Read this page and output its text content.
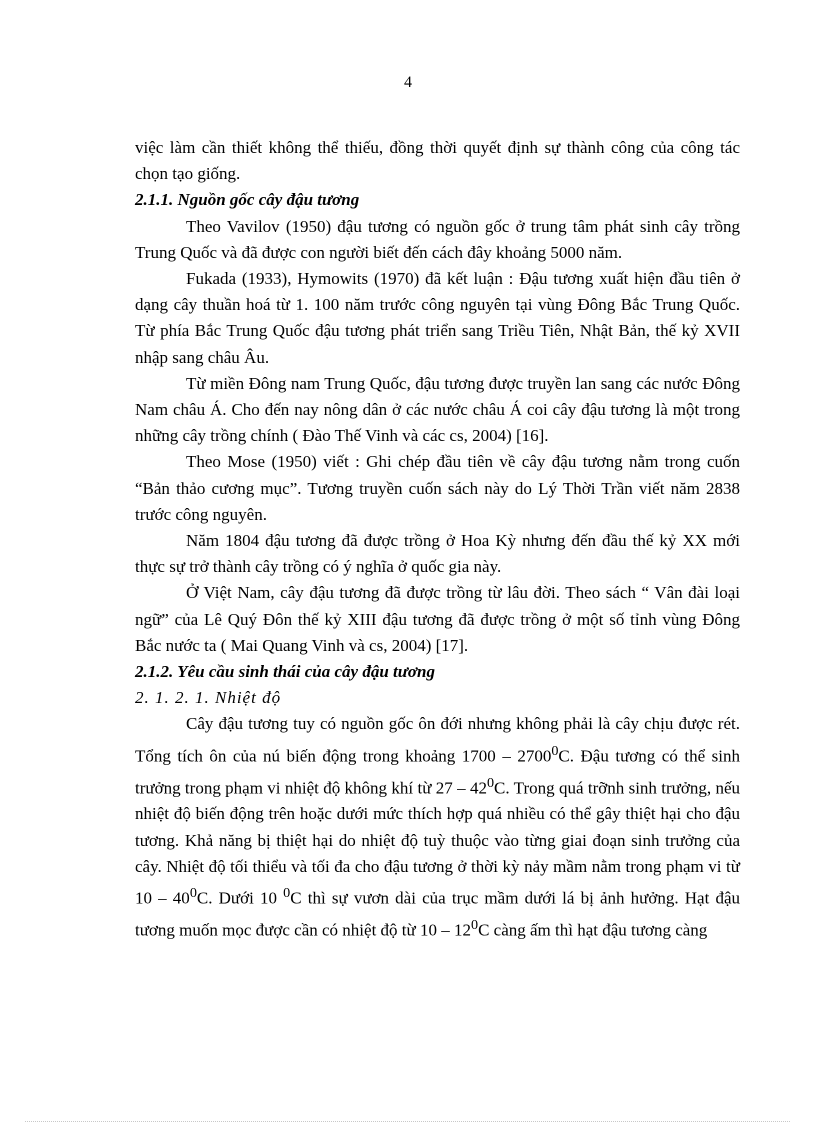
4

việc làm cần thiết không thể thiếu, đồng thời quyết định sự thành công của công tác chọn tạo giống.

2.1.1. Nguồn gốc cây đậu tương

Theo Vavilov (1950) đậu tương có nguồn gốc ở trung tâm phát sinh cây trồng Trung Quốc và đã được con người biết đến cách đây khoảng 5000 năm.

Fukada (1933), Hymowits (1970) đã kết luận : Đậu tương xuất hiện đầu tiên ở dạng cây thuần hoá từ 1. 100 năm trước công nguyên tại vùng Đông Bắc Trung Quốc. Từ phía Bắc Trung Quốc đậu tương phát triển sang Triều Tiên, Nhật Bản, thế kỷ XVII nhập sang châu Âu.

Từ miền Đông nam Trung Quốc, đậu tương được truyền lan sang các nước Đông Nam châu Á. Cho đến nay nông dân ở các nước châu Á coi cây đậu tương là một trong những cây trồng chính ( Đào Thế Vinh và các cs, 2004) [16].

Theo Mose (1950) viết : Ghi chép đầu tiên về cây đậu tương nằm trong cuốn “Bản thảo cương mục”. Tương truyền cuốn sách này do Lý Thời Trần viết năm 2838 trước công nguyên.

Năm 1804 đậu tương đã được trồng ở Hoa Kỳ nhưng đến đầu thế kỷ XX mới thực sự trở thành cây trồng có ý nghĩa ở quốc gia này.

Ở Việt Nam, cây đậu tương đã được trồng từ lâu đời. Theo sách “ Vân đài loại ngữ” của Lê Quý Đôn thế kỷ XIII đậu tương đã được trồng ở một số tỉnh vùng Đông Bắc nước ta ( Mai Quang Vinh và cs, 2004) [17].

2.1.2. Yêu cầu sinh thái của cây đậu tương

2. 1. 2. 1. Nhiệt độ

Cây đậu tương tuy có nguồn gốc ôn đới nhưng không phải là cây chịu được rét. Tổng tích ôn của nú biến động trong khoảng 1700 – 2700$^0$C. Đậu tương có thể sinh trưởng trong phạm vi nhiệt độ không khí từ $27 - 42^0C$. Trong quá trỡnh sinh trưởng, nếu nhiệt độ biến động trên hoặc dưới mức thích hợp quá nhiều có thể gây thiệt hại cho đậu tương. Khả năng bị thiệt hại do nhiệt độ tuỳ thuộc vào từng giai đoạn sinh trưởng của cây. Nhiệt độ tối thiểu và tối đa cho đậu tương ở thời kỳ nảy mầm nằm trong phạm vi từ $10 - 40^0C$. Dưới 10 $^0$C thì sự vươn dài của trục mầm dưới lá bị ảnh hưởng. Hạt đậu tương muốn mọc được cần có nhiệt độ từ $10 - 12^0C$ càng ấm thì hạt đậu tương càng
